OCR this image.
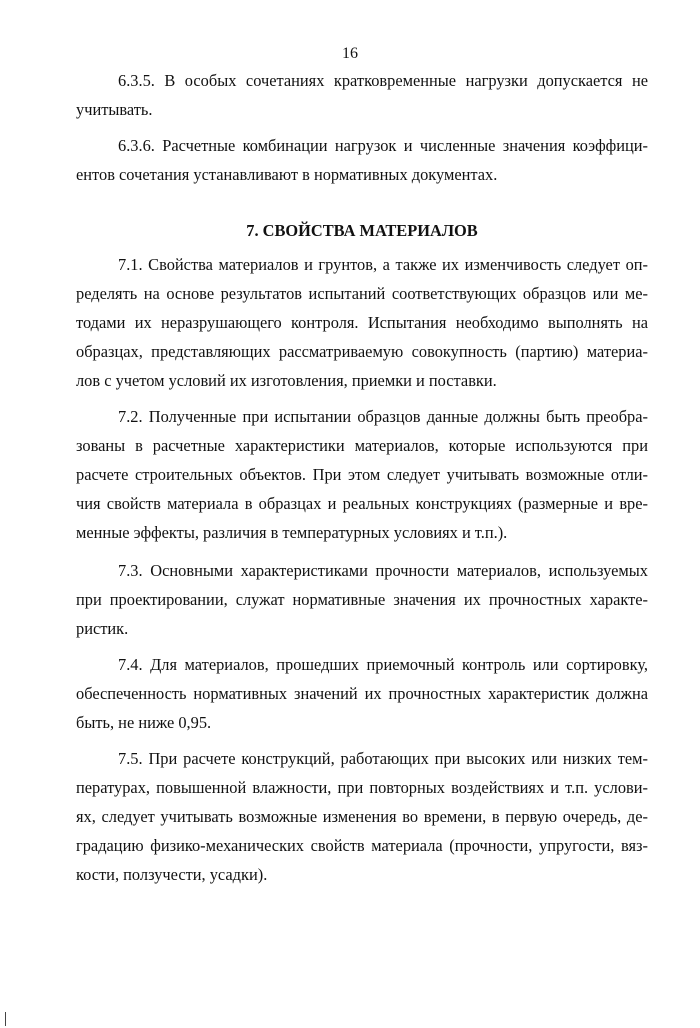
16
6.3.5. В особых сочетаниях кратковременные нагрузки допускается не
учитывать.
6.3.6. Расчетные комбинации нагрузок и численные значения коэффици-
ентов сочетания устанавливают в нормативных документах.
7. СВОЙСТВА МАТЕРИАЛОВ
7.1. Свойства материалов и грунтов, а также их изменчивость следует оп-
ределять на основе результатов испытаний соответствующих образцов или ме-
тодами их неразрушающего контроля. Испытания необходимо выполнять на
образцах, представляющих рассматриваемую совокупность (партию) материа-
лов с учетом условий их изготовления, приемки и поставки.
7.2. Полученные при испытании образцов данные должны быть преобра-
зованы в расчетные характеристики материалов, которые используются при
расчете строительных объектов. При этом следует учитывать возможные отли-
чия свойств материала в образцах и реальных конструкциях (размерные и вре-
менные эффекты, различия в температурных условиях и т.п.).
7.3. Основными характеристиками прочности материалов, используемых
при проектировании, служат нормативные значения их прочностных характе-
ристик.
7.4. Для материалов, прошедших приемочный контроль или сортировку,
обеспеченность нормативных значений их прочностных характеристик должна
быть, не ниже 0,95.
7.5. При расчете конструкций, работающих при высоких или низких тем-
пературах, повышенной влажности, при повторных воздействиях и т.п. услови-
ях, следует учитывать возможные изменения во времени, в первую очередь, де-
градацию физико-механических свойств материала (прочности, упругости, вяз-
кости, ползучести, усадки).
